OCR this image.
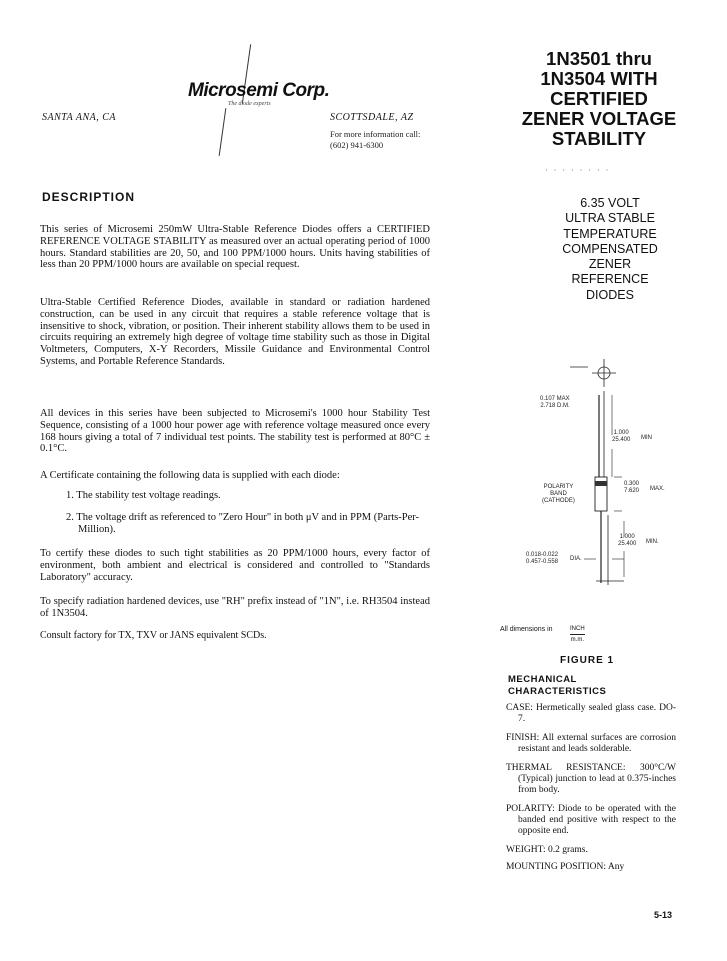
Microsemi Corp.
The diode experts
SANTA ANA, CA	SCOTTSDALE, AZ
For more information call:
(602) 941-6300
1N3501 thru
1N3504 WITH
CERTIFIED
ZENER VOLTAGE
STABILITY
· · · · · · · ·
6.35 VOLT
ULTRA STABLE
TEMPERATURE
COMPENSATED
ZENER
REFERENCE
DIODES
DESCRIPTION
This series of Microsemi 250mW Ultra-Stable Reference Diodes offers a CERTIFIED REFERENCE VOLTAGE STABILITY as measured over an actual operating period of 1000 hours. Standard stabilities are 20, 50, and 100 PPM/1000 hours. Units having stabilities of less than 20 PPM/1000 hours are available on special request.
Ultra-Stable Certified Reference Diodes, available in standard or radiation hardened construction, can be used in any circuit that requires a stable reference voltage that is insensitive to shock, vibration, or position. Their inherent stability allows them to be used in circuits requiring an extremely high degree of voltage time stability such as those in Digital Voltmeters, Computers, X-Y Recorders, Missile Guidance and Environmental Control Systems, and Portable Reference Standards.
All devices in this series have been subjected to Microsemi's 1000 hour Stability Test Sequence, consisting of a 1000 hour power age with reference voltage measured once every 168 hours giving a total of 7 individual test points. The stability test is performed at 80°C ± 0.1°C.
A Certificate containing the following data is supplied with each diode:
1. The stability test voltage readings.
2. The voltage drift as referenced to "Zero Hour" in both μV and in PPM (Parts-Per-Million).
To certify these diodes to such tight stabilities as 20 PPM/1000 hours, every factor of environment, both ambient and electrical is considered and controlled to "Standards Laboratory" accuracy.
To specify radiation hardened devices, use "RH" prefix instead of "1N", i.e. RH3504 instead of 1N3504.
Consult factory for TX, TXV or JANS equivalent SCDs.
0.107 MAX
2.718 D.M.
1.000
25.400 MIN
POLARITY
BAND
(CATHODE)
0.300
7.620 MAX.
1.000
25.400 MIN.
0.018-0.022
0.457-0.558 DIA.
All dimensions in	INCH
m.m.
FIGURE 1
MECHANICAL
CHARACTERISTICS
CASE: Hermetically sealed glass case. DO-7.
FINISH: All external surfaces are corrosion resistant and leads solderable.
THERMAL RESISTANCE: 300°C/W (Typical) junction to lead at 0.375-inches from body.
POLARITY: Diode to be operated with the banded end positive with respect to the opposite end.
WEIGHT: 0.2 grams.
MOUNTING POSITION: Any
5-13
